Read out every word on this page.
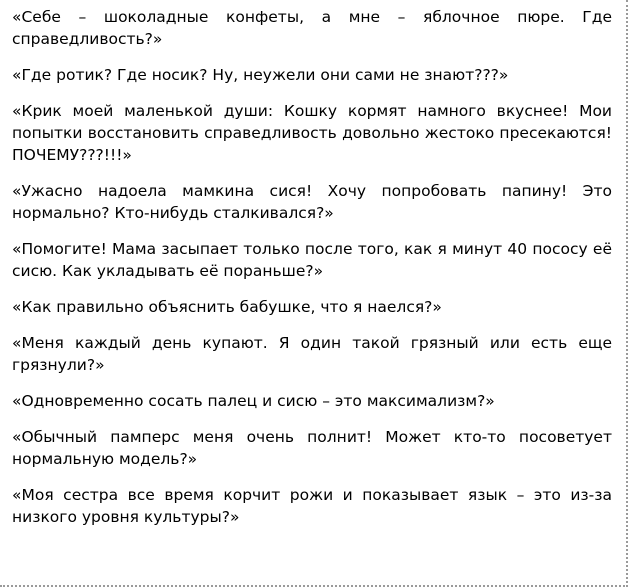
«Себе – шоколадные конфеты, а мне – яблочное пюре. Где справедливость?»
«Где ротик? Где носик? Ну, неужели они сами не знают???»
«Крик моей маленькой души: Кошку кормят намного вкуснее! Мои попытки восстановить справедливость довольно жестоко пресекаются! ПОЧЕМУ???!!!»
«Ужасно надоела мамкина сися! Хочу попробовать папину! Это нормально? Кто-нибудь сталкивался?»
«Помогите! Мама засыпает только после того, как я минут 40 пососу её сисю. Как укладывать её пораньше?»
«Как правильно объяснить бабушке, что я наелся?»
«Меня каждый день купают. Я один такой грязный или есть еще грязнули?»
«Одновременно сосать палец и сисю – это максимализм?»
«Обычный памперс меня очень полнит! Может кто-то посоветует нормальную модель?»
«Моя сестра все время корчит рожи и показывает язык – это из-за низкого уровня культуры?»
